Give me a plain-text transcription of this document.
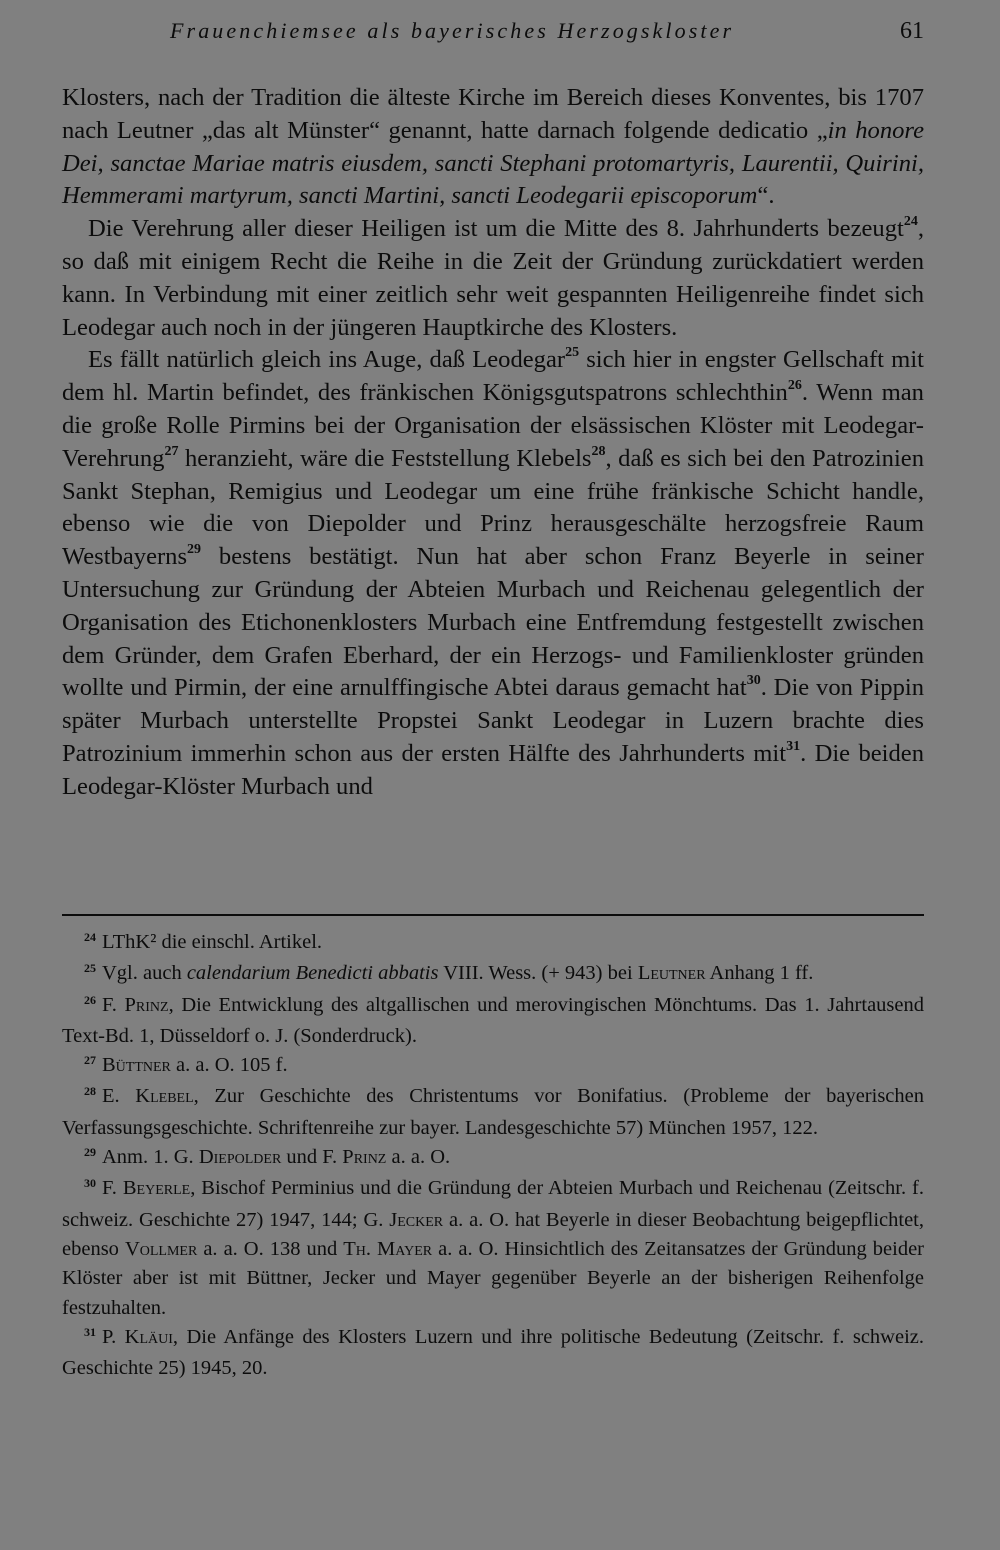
Frauenchiemsee als bayerisches Herzogskloster	61

Klosters, nach der Tradition die älteste Kirche im Bereich dieses Konventes, bis 1707 nach Leutner „das alt Münster“ genannt, hatte darnach folgende dedicatio „in honore Dei, sanctae Mariae matris eiusdem, sancti Stephani protomartyris, Laurentii, Quirini, Hemmerami martyrum, sancti Martini, sancti Leodegarii episcoporum“.

Die Verehrung aller dieser Heiligen ist um die Mitte des 8. Jahrhunderts bezeugt$^{24}$, so daß mit einigem Recht die Reihe in die Zeit der Gründung zurückdatiert werden kann. In Verbindung mit einer zeitlich sehr weit gespannten Heiligenreihe findet sich Leodegar auch noch in der jüngeren Hauptkirche des Klosters.

Es fällt natürlich gleich ins Auge, daß Leodegar$^{25}$ sich hier in engster Gellschaft mit dem hl. Martin befindet, des fränkischen Königsgutspatrons schlechthin$^{26}$. Wenn man die große Rolle Pirmins bei der Organisation der elsässischen Klöster mit Leodegar-Verehrung$^{27}$ heranzieht, wäre die Feststellung Klebels$^{28}$, daß es sich bei den Patrozinien Sankt Stephan, Remigius und Leodegar um eine frühe fränkische Schicht handle, ebenso wie die von Diepolder und Prinz herausgeschälte herzogsfreie Raum Westbayerns$^{29}$ bestens bestätigt. Nun hat aber schon Franz Beyerle in seiner Untersuchung zur Gründung der Abteien Murbach und Reichenau gelegentlich der Organisation des Etichonenklosters Murbach eine Entfremdung festgestellt zwischen dem Gründer, dem Grafen Eberhard, der ein Herzogs- und Familienkloster gründen wollte und Pirmin, der eine arnulffingische Abtei daraus gemacht hat$^{30}$. Die von Pippin später Murbach unterstellte Propstei Sankt Leodegar in Luzern brachte dies Patrozinium immerhin schon aus der ersten Hälfte des Jahrhunderts mit$^{31}$. Die beiden Leodegar-Klöster Murbach und

$^{24}$ LThK² die einschl. Artikel.

$^{25}$ Vgl. auch calendarium Benedicti abbatis VIII. Wess. (+ 943) bei Leutner Anhang 1 ff.

$^{26}$ F. Prinz, Die Entwicklung des altgallischen und merovingischen Mönchtums. Das 1. Jahrtausend Text-Bd. 1, Düsseldorf o. J. (Sonderdruck).

$^{27}$ Büttner a. a. O. 105 f.

$^{28}$ E. Klebel, Zur Geschichte des Christentums vor Bonifatius. (Probleme der bayerischen Verfassungsgeschichte. Schriftenreihe zur bayer. Landesgeschichte 57) München 1957, 122.

$^{29}$ Anm. 1. G. Diepolder und F. Prinz a. a. O.

$^{30}$ F. Beyerle, Bischof Perminius und die Gründung der Abteien Murbach und Reichenau (Zeitschr. f. schweiz. Geschichte 27) 1947, 144; G. Jecker a. a. O. hat Beyerle in dieser Beobachtung beigepflichtet, ebenso Vollmer a. a. O. 138 und Th. Mayer a. a. O. Hinsichtlich des Zeitansatzes der Gründung beider Klöster aber ist mit Büttner, Jecker und Mayer gegenüber Beyerle an der bisherigen Reihenfolge festzuhalten.

$^{31}$ P. Kläui, Die Anfänge des Klosters Luzern und ihre politische Bedeutung (Zeitschr. f. schweiz. Geschichte 25) 1945, 20.
